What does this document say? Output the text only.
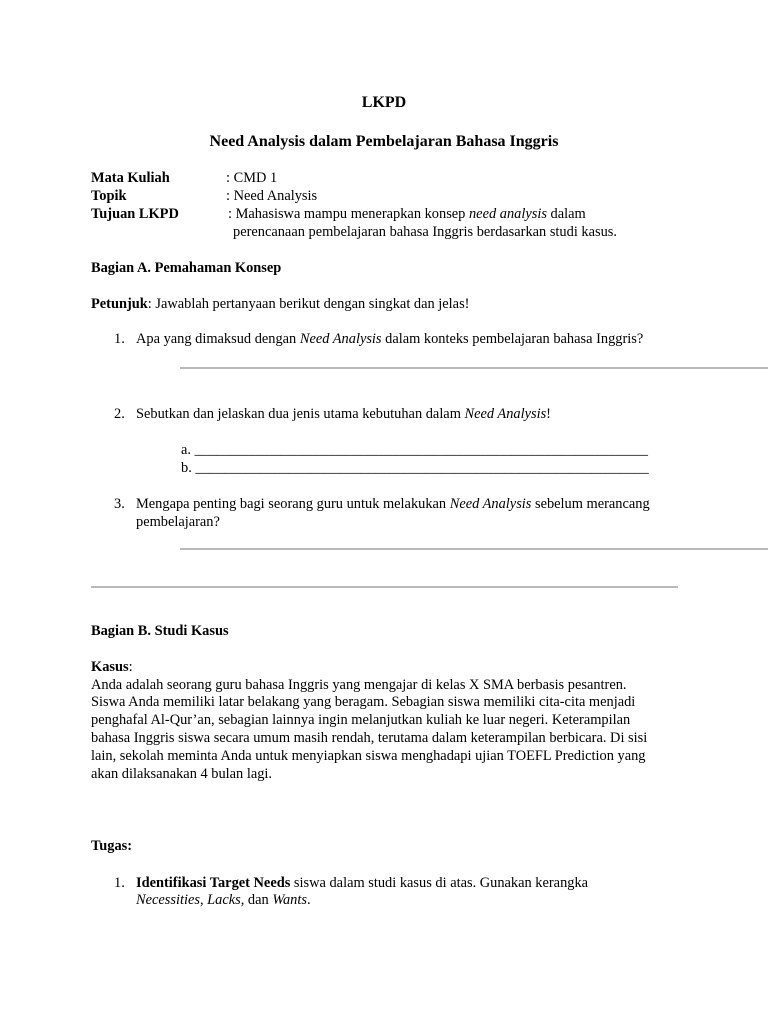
LKPD
Need Analysis dalam Pembelajaran Bahasa Inggris
Mata Kuliah	: CMD 1
Topik	: Need Analysis
Tujuan LKPD	: Mahasiswa mampu menerapkan konsep need analysis dalam
perencanaan pembelajaran bahasa Inggris berdasarkan studi kasus.
Bagian A. Pemahaman Konsep
Petunjuk: Jawablah pertanyaan berikut dengan singkat dan jelas!
1. Apa yang dimaksud dengan Need Analysis dalam konteks pembelajaran bahasa Inggris?
2. Sebutkan dan jelaskan dua jenis utama kebutuhan dalam Need Analysis!
a. _______________________________________________________________
b. _______________________________________________________________
3. Mengapa penting bagi seorang guru untuk melakukan Need Analysis sebelum merancang
pembelajaran?
Bagian B. Studi Kasus
Kasus:
Anda adalah seorang guru bahasa Inggris yang mengajar di kelas X SMA berbasis pesantren.
Siswa Anda memiliki latar belakang yang beragam. Sebagian siswa memiliki cita-cita menjadi
penghafal Al-Qur’an, sebagian lainnya ingin melanjutkan kuliah ke luar negeri. Keterampilan
bahasa Inggris siswa secara umum masih rendah, terutama dalam keterampilan berbicara. Di sisi
lain, sekolah meminta Anda untuk menyiapkan siswa menghadapi ujian TOEFL Prediction yang
akan dilaksanakan 4 bulan lagi.
Tugas:
1. Identifikasi Target Needs siswa dalam studi kasus di atas. Gunakan kerangka
Necessities, Lacks, dan Wants.
